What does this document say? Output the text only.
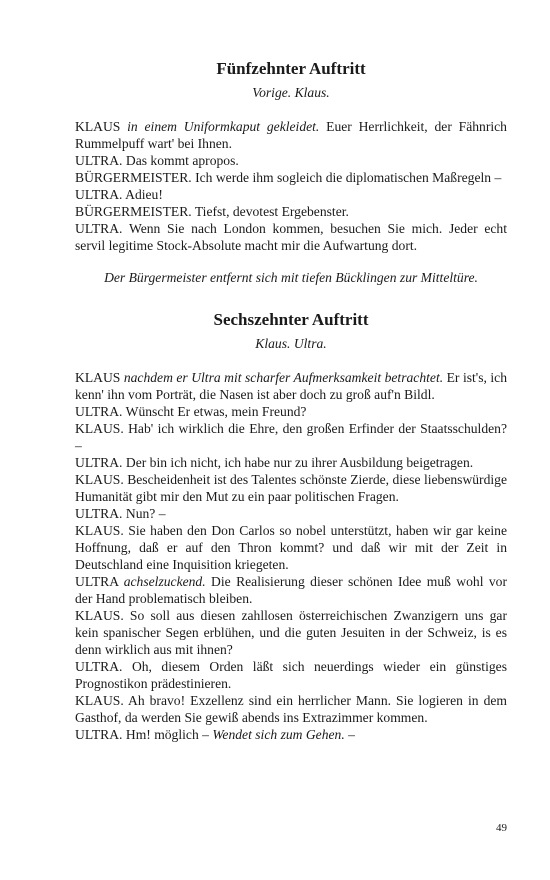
Fünfzehnter Auftritt
Vorige. Klaus.

KLAUS in einem Uniformkaput gekleidet. Euer Herrlichkeit, der Fähnrich Rummelpuff wart' bei Ihnen.

ULTRA. Das kommt apropos.

BÜRGERMEISTER. Ich werde ihm sogleich die diplomatischen Maßregeln –

ULTRA. Adieu!

BÜRGERMEISTER. Tiefst, devotest Ergebenster.

ULTRA. Wenn Sie nach London kommen, besuchen Sie mich. Jeder echt servil legitime Stock-Absolute macht mir die Aufwartung dort.

Der Bürgermeister entfernt sich mit tiefen Bücklingen zur Mitteltüre.
Sechszehnter Auftritt
Klaus. Ultra.

KLAUS nachdem er Ultra mit scharfer Aufmerksamkeit betrachtet. Er ist's, ich kenn' ihn vom Porträt, die Nasen ist aber doch zu groß auf'n Bildl.

ULTRA. Wünscht Er etwas, mein Freund?

KLAUS. Hab' ich wirklich die Ehre, den großen Erfinder der Staatsschulden? –

ULTRA. Der bin ich nicht, ich habe nur zu ihrer Ausbildung beigetragen.

KLAUS. Bescheidenheit ist des Talentes schönste Zierde, diese liebenswürdige Humanität gibt mir den Mut zu ein paar politischen Fragen.

ULTRA. Nun? –

KLAUS. Sie haben den Don Carlos so nobel unterstützt, haben wir gar keine Hoffnung, daß er auf den Thron kommt? und daß wir mit der Zeit in Deutschland eine Inquisition kriegeten.

ULTRA achselzuckend. Die Realisierung dieser schönen Idee muß wohl vor der Hand problematisch bleiben.

KLAUS. So soll aus diesen zahllosen österreichischen Zwanzigern uns gar kein spanischer Segen erblühen, und die guten Jesuiten in der Schweiz, is es denn wirklich aus mit ihnen?

ULTRA. Oh, diesem Orden läßt sich neuerdings wieder ein günstiges Prognostikon prädestinieren.

KLAUS. Ah bravo! Exzellenz sind ein herrlicher Mann. Sie logieren in dem Gasthof, da werden Sie gewiß abends ins Extrazimmer kommen.

ULTRA. Hm! möglich – Wendet sich zum Gehen. –

49
